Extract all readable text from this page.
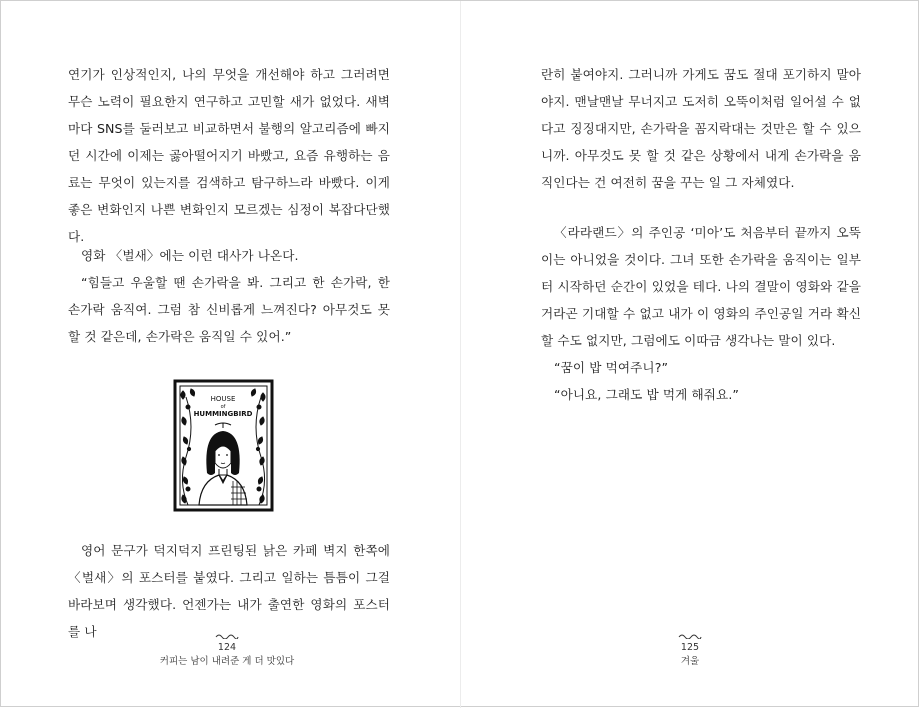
연기가 인상적인지, 나의 무엇을 개선해야 하고 그러려면 무슨 노력이 필요한지 연구하고 고민할 새가 없었다. 새벽마다 SNS를 둘러보고 비교하면서 불행의 알고리즘에 빠지던 시간에 이제는 곯아떨어지기 바빴고, 요즘 유행하는 음료는 무엇이 있는지를 검색하고 탐구하느라 바빴다. 이게 좋은 변화인지 나쁜 변화인지 모르겠는 심정이 복잡다단했다.

영화 〈벌새〉에는 이런 대사가 나온다.

“힘들고 우울할 땐 손가락을 봐. 그리고 한 손가락, 한 손가락 움직여. 그럼 참 신비롭게 느껴진다? 아무것도 못 할 것 같은데, 손가락은 움직일 수 있어.”

HOUSE
of
HUMMINGBIRD

영어 문구가 덕지덕지 프린팅된 낡은 카페 벽지 한쪽에 〈벌새〉의 포스터를 붙였다. 그리고 일하는 틈틈이 그걸 바라보며 생각했다. 언젠가는 내가 출연한 영화의 포스터를 나

124
커피는 남이 내려준 게 더 맛있다

란히 붙여야지. 그러니까 가게도 꿈도 절대 포기하지 말아야지. 맨날맨날 무너지고 도저히 오뚝이처럼 일어설 수 없다고 징징대지만, 손가락을 꼼지락대는 것만은 할 수 있으니까. 아무것도 못 할 것 같은 상황에서 내게 손가락을 움직인다는 건 여전히 꿈을 꾸는 일 그 자체였다.

〈라라랜드〉의 주인공 ‘미아’도 처음부터 끝까지 오뚝이는 아니었을 것이다. 그녀 또한 손가락을 움직이는 일부터 시작하던 순간이 있었을 테다. 나의 결말이 영화와 같을 거라곤 기대할 수 없고 내가 이 영화의 주인공일 거라 확신할 수도 없지만, 그럼에도 이따금 생각나는 말이 있다.

“꿈이 밥 먹여주니?”

“아니요, 그래도 밥 먹게 해줘요.”

125
겨울
